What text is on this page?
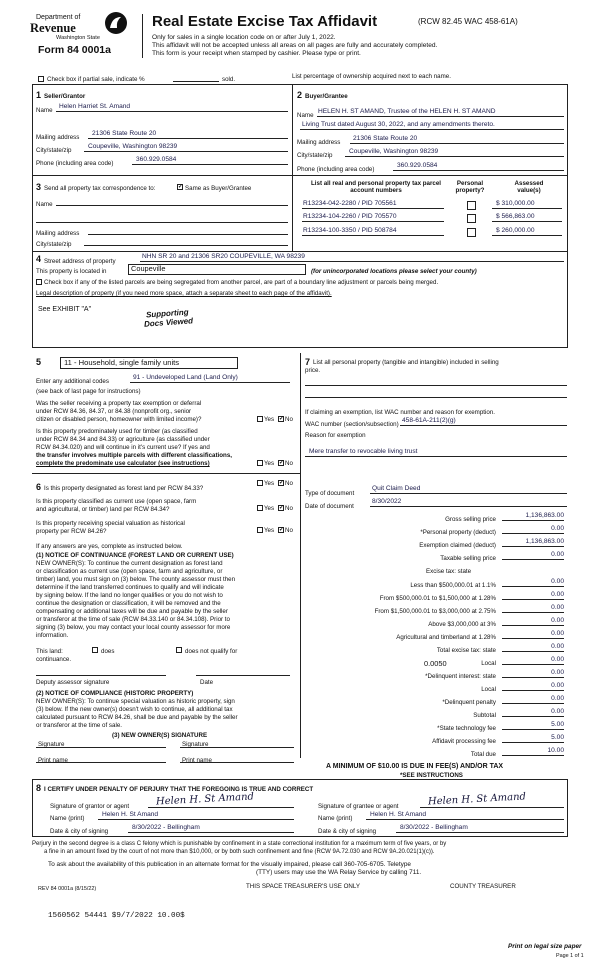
Department of
Revenue
Washington State
Form 84 0001a
Real Estate Excise Tax Affidavit	(RCW 82.45 WAC 458-61A)
Only for sales in a single location code on or after July 1, 2022.
This affidavit will not be accepted unless all areas on all pages are fully and accurately completed.
This form is your receipt when stamped by cashier. Please type or print.
Check box if partial sale, indicate %	sold.	List percentage of ownership acquired next to each name.
1 Seller/Grantor
Name
Helen Harriet St. Amand
Mailing address
21306 State Route 20
City/state/zip
Coupeville, Washington 98239
Phone (including area code)
360.929.0584
2 Buyer/Grantee
Name
HELEN H. ST AMAND, Trustee of the HELEN H. ST AMAND
Living Trust dated August 30, 2022, and any amendments thereto.
Mailing address
21306 State Route 20
City/state/zip
Coupeville, Washington 98239
Phone (including area code)
360.929.0584
3 Send all property tax correspondence to:	✓ Same as Buyer/Grantee
Name
Mailing address
City/state/zip
List all real and personal property tax parcel account numbers
Personal property?
Assessed value(s)
R13234-042-2280 / PID 705561	$ 310,000.00
R13234-104-2260 / PID 705570	$ 566,863.00
R13234-100-3350 / PID 508784	$ 260,000.00
4 Street address of property
NHN SR 20 and 21306 SR20 COUPEVILLE, WA 98239
This property is located in	Coupeville	(for unincorporated locations please select your county)
Check box if any of the listed parcels are being segregated from another parcel, are part of a boundary line adjustment or parcels being merged.
Legal description of property (if you need more space, attach a separate sheet to each page of the affidavit).
See EXHIBIT "A"	Supporting
Docs Viewed
5	11 - Household, single family units
Enter any additional codes
91 - Undeveloped Land (Land Only)
(see back of last page for instructions)
Was the seller receiving a property tax exemption or deferral
under RCW 84.36, 84.37, or 84.38 (nonprofit org., senior
citizen or disabled person, homeowner with limited income)?	Yes ✓ No
Is this property predominately used for timber (as classified
under RCW 84.34 and 84.33) or agriculture (as classified under
RCW 84.34.020) and will continue in it's current use? If yes and
the transfer involves multiple parcels with different classifications,
complete the predominate use calculator (see instructions)	Yes ✓ No
6 Is this property designated as forest land per RCW 84.33?
Yes ✓ No
Is this property classified as current use (open space, farm
and agricultural, or timber) land per RCW 84.34?	Yes ✓ No
Is this property receiving special valuation as historical
property per RCW 84.26?	Yes ✓ No
If any answers are yes, complete as instructed below.
(1) NOTICE OF CONTINUANCE (FOREST LAND OR CURRENT USE)
NEW OWNER(S): To continue the current designation as forest land
or classification as current use (open space, farm and agriculture, or
timber) land, you must sign on (3) below. The county assessor must then
determine if the land transferred continues to qualify and will indicate
by signing below. If the land no longer qualifies or you do not wish to
continue the designation or classification, it will be removed and the
compensating or additional taxes will be due and payable by the seller
or transferor at the time of sale (RCW 84.33.140 or 84.34.108). Prior to
signing (3) below, you may contact your local county assessor for more
information.
This land:	does	does not qualify for
continuance.
Deputy assessor signature	Date
(2) NOTICE OF COMPLIANCE (HISTORIC PROPERTY)
NEW OWNER(S): To continue special valuation as historic property, sign
(3) below. If the new owner(s) doesn't wish to continue, all additional tax
calculated pursuant to RCW 84.26, shall be due and payable by the seller
or transferor at the time of sale.
(3) NEW OWNER(S) SIGNATURE
Signature	Signature
Print name	Print name
7 List all personal property (tangible and intangible) included in selling
price.
If claiming an exemption, list WAC number and reason for exemption.
WAC number (section/subsection)
458-61A-211(2)(g)
Reason for exemption
Mere transfer to revocable living trust
Type of document
Quit Claim Deed
Date of document
8/30/2022
Gross selling price
1,136,863.00
*Personal property (deduct)
0.00
Exemption claimed (deduct)
1,136,863.00
Taxable selling price
0.00
Excise tax: state
Less than $500,000.01 at 1.1%
0.00
From $500,000.01 to $1,500,000 at 1.28%
0.00
From $1,500,000.01 to $3,000,000 at 2.75%
0.00
Above $3,000,000 at 3%
0.00
Agricultural and timberland at 1.28%
0.00
Total excise tax: state
0.00
0.0050	Local
0.00
*Delinquent interest: state
0.00
Local
0.00
*Delinquent penalty
0.00
Subtotal
0.00
*State technology fee
5.00
Affidavit processing fee
5.00
Total due
10.00
A MINIMUM OF $10.00 IS DUE IN FEE(S) AND/OR TAX
*SEE INSTRUCTIONS
8 I CERTIFY UNDER PENALTY OF PERJURY THAT THE FOREGOING IS TRUE AND CORRECT
Signature of grantor or agent	Helen H. St Amand
Name (print)
Helen H. St Amand
Date & city of signing
8/30/2022 - Bellingham
Signature of grantee or agent	Helen H. St Amand
Name (print)
Helen H. St Amand
Date & city of signing
8/30/2022 - Bellingham
Perjury in the second degree is a class C felony which is punishable by confinement in a state correctional institution for a maximum term of five years, or by
a fine in an amount fixed by the court of not more than $10,000, or by both such confinement and fine (RCW 9A.72.030 and RCW 9A.20.021(1)(c)).
To ask about the availability of this publication in an alternate format for the visually impaired, please call 360-705-6705. Teletype
(TTY) users may use the WA Relay Service by calling 711.
REV 84 0001a (8/15/22)	THIS SPACE TREASURER'S USE ONLY	COUNTY TREASURER
1560562 54441 $9/7/2022 10.00$
Print on legal size paper
Page 1 of 1
